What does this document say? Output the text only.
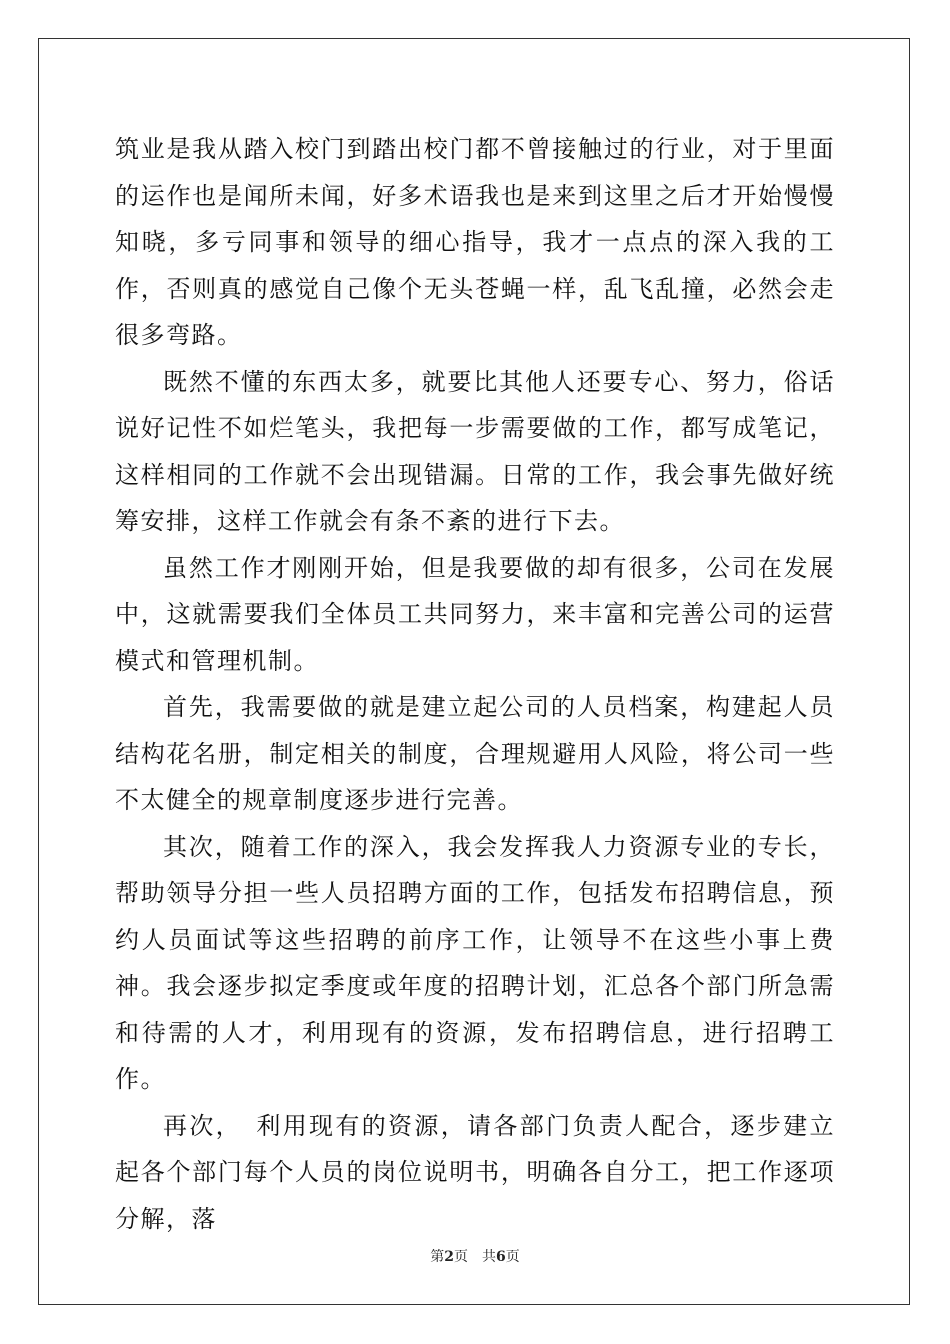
筑业是我从踏入校门到踏出校门都不曾接触过的行业，对于里面的运作也是闻所未闻，好多术语我也是来到这里之后才开始慢慢知晓，多亏同事和领导的细心指导，我才一点点的深入我的工作，否则真的感觉自己像个无头苍蝇一样，乱飞乱撞，必然会走很多弯路。

既然不懂的东西太多，就要比其他人还要专心、努力，俗话说好记性不如烂笔头，我把每一步需要做的工作，都写成笔记，这样相同的工作就不会出现错漏。日常的工作，我会事先做好统筹安排，这样工作就会有条不紊的进行下去。

虽然工作才刚刚开始，但是我要做的却有很多，公司在发展中，这就需要我们全体员工共同努力，来丰富和完善公司的运营模式和管理机制。

首先，我需要做的就是建立起公司的人员档案，构建起人员结构花名册，制定相关的制度，合理规避用人风险，将公司一些不太健全的规章制度逐步进行完善。

其次，随着工作的深入，我会发挥我人力资源专业的专长，帮助领导分担一些人员招聘方面的工作，包括发布招聘信息，预约人员面试等这些招聘的前序工作，让领导不在这些小事上费神。我会逐步拟定季度或年度的招聘计划，汇总各个部门所急需和待需的人才，利用现有的资源，发布招聘信息，进行招聘工作。

再次，　利用现有的资源，请各部门负责人配合，逐步建立起各个部门每个人员的岗位说明书，明确各自分工，把工作逐项分解，落

第2页　共6页
